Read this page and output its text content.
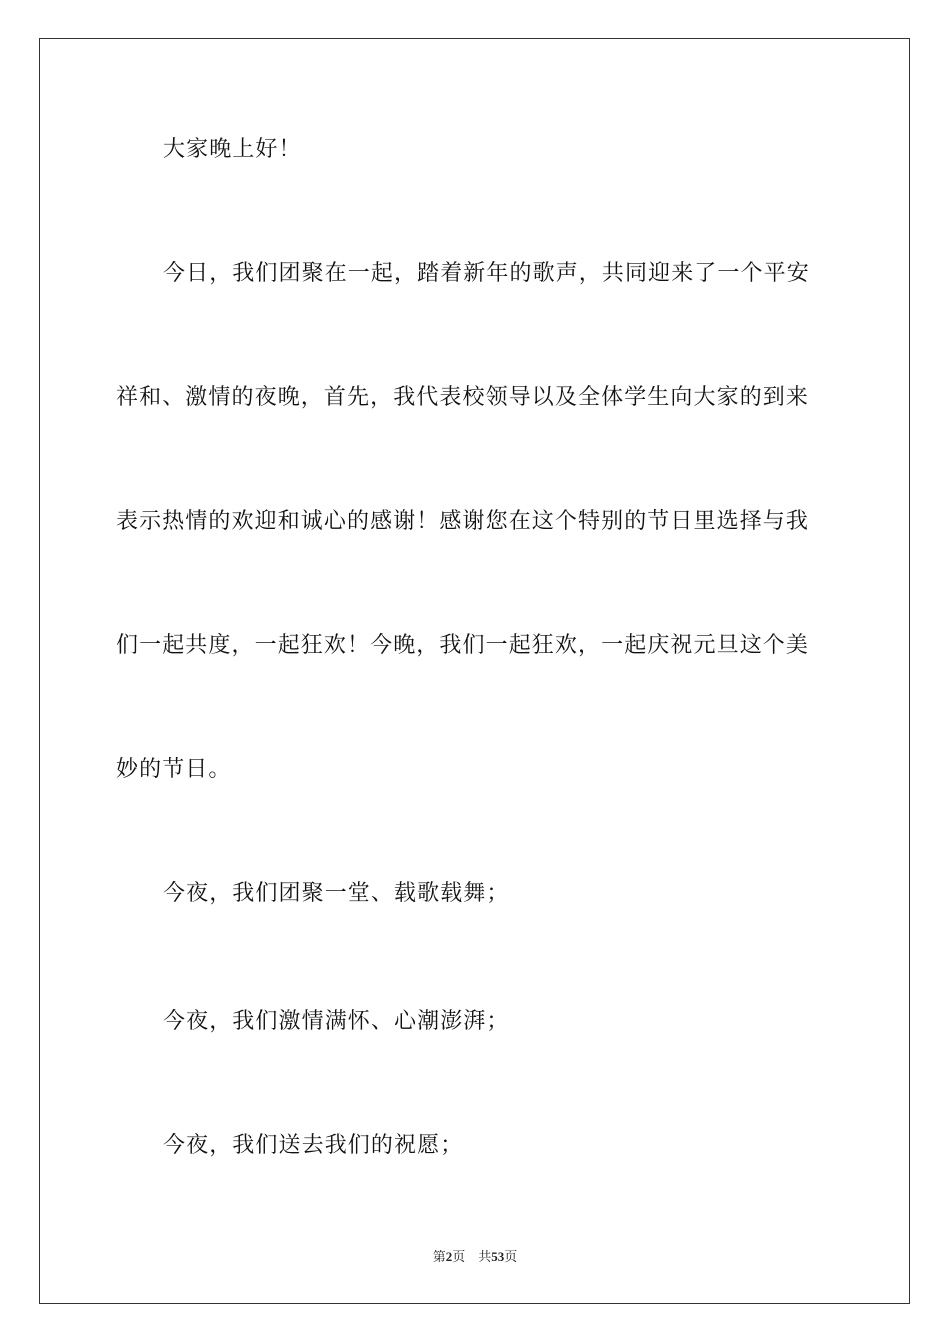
大家晚上好！
今日，我们团聚在一起，踏着新年的歌声，共同迎来了一个平安
祥和、激情的夜晚，首先，我代表校领导以及全体学生向大家的到来
表示热情的欢迎和诚心的感谢！感谢您在这个特别的节日里选择与我
们一起共度，一起狂欢！今晚，我们一起狂欢，一起庆祝元旦这个美
妙的节日。
今夜，我们团聚一堂、载歌载舞；
今夜，我们激情满怀、心潮澎湃；
今夜，我们送去我们的祝愿；
第2页 共53页
